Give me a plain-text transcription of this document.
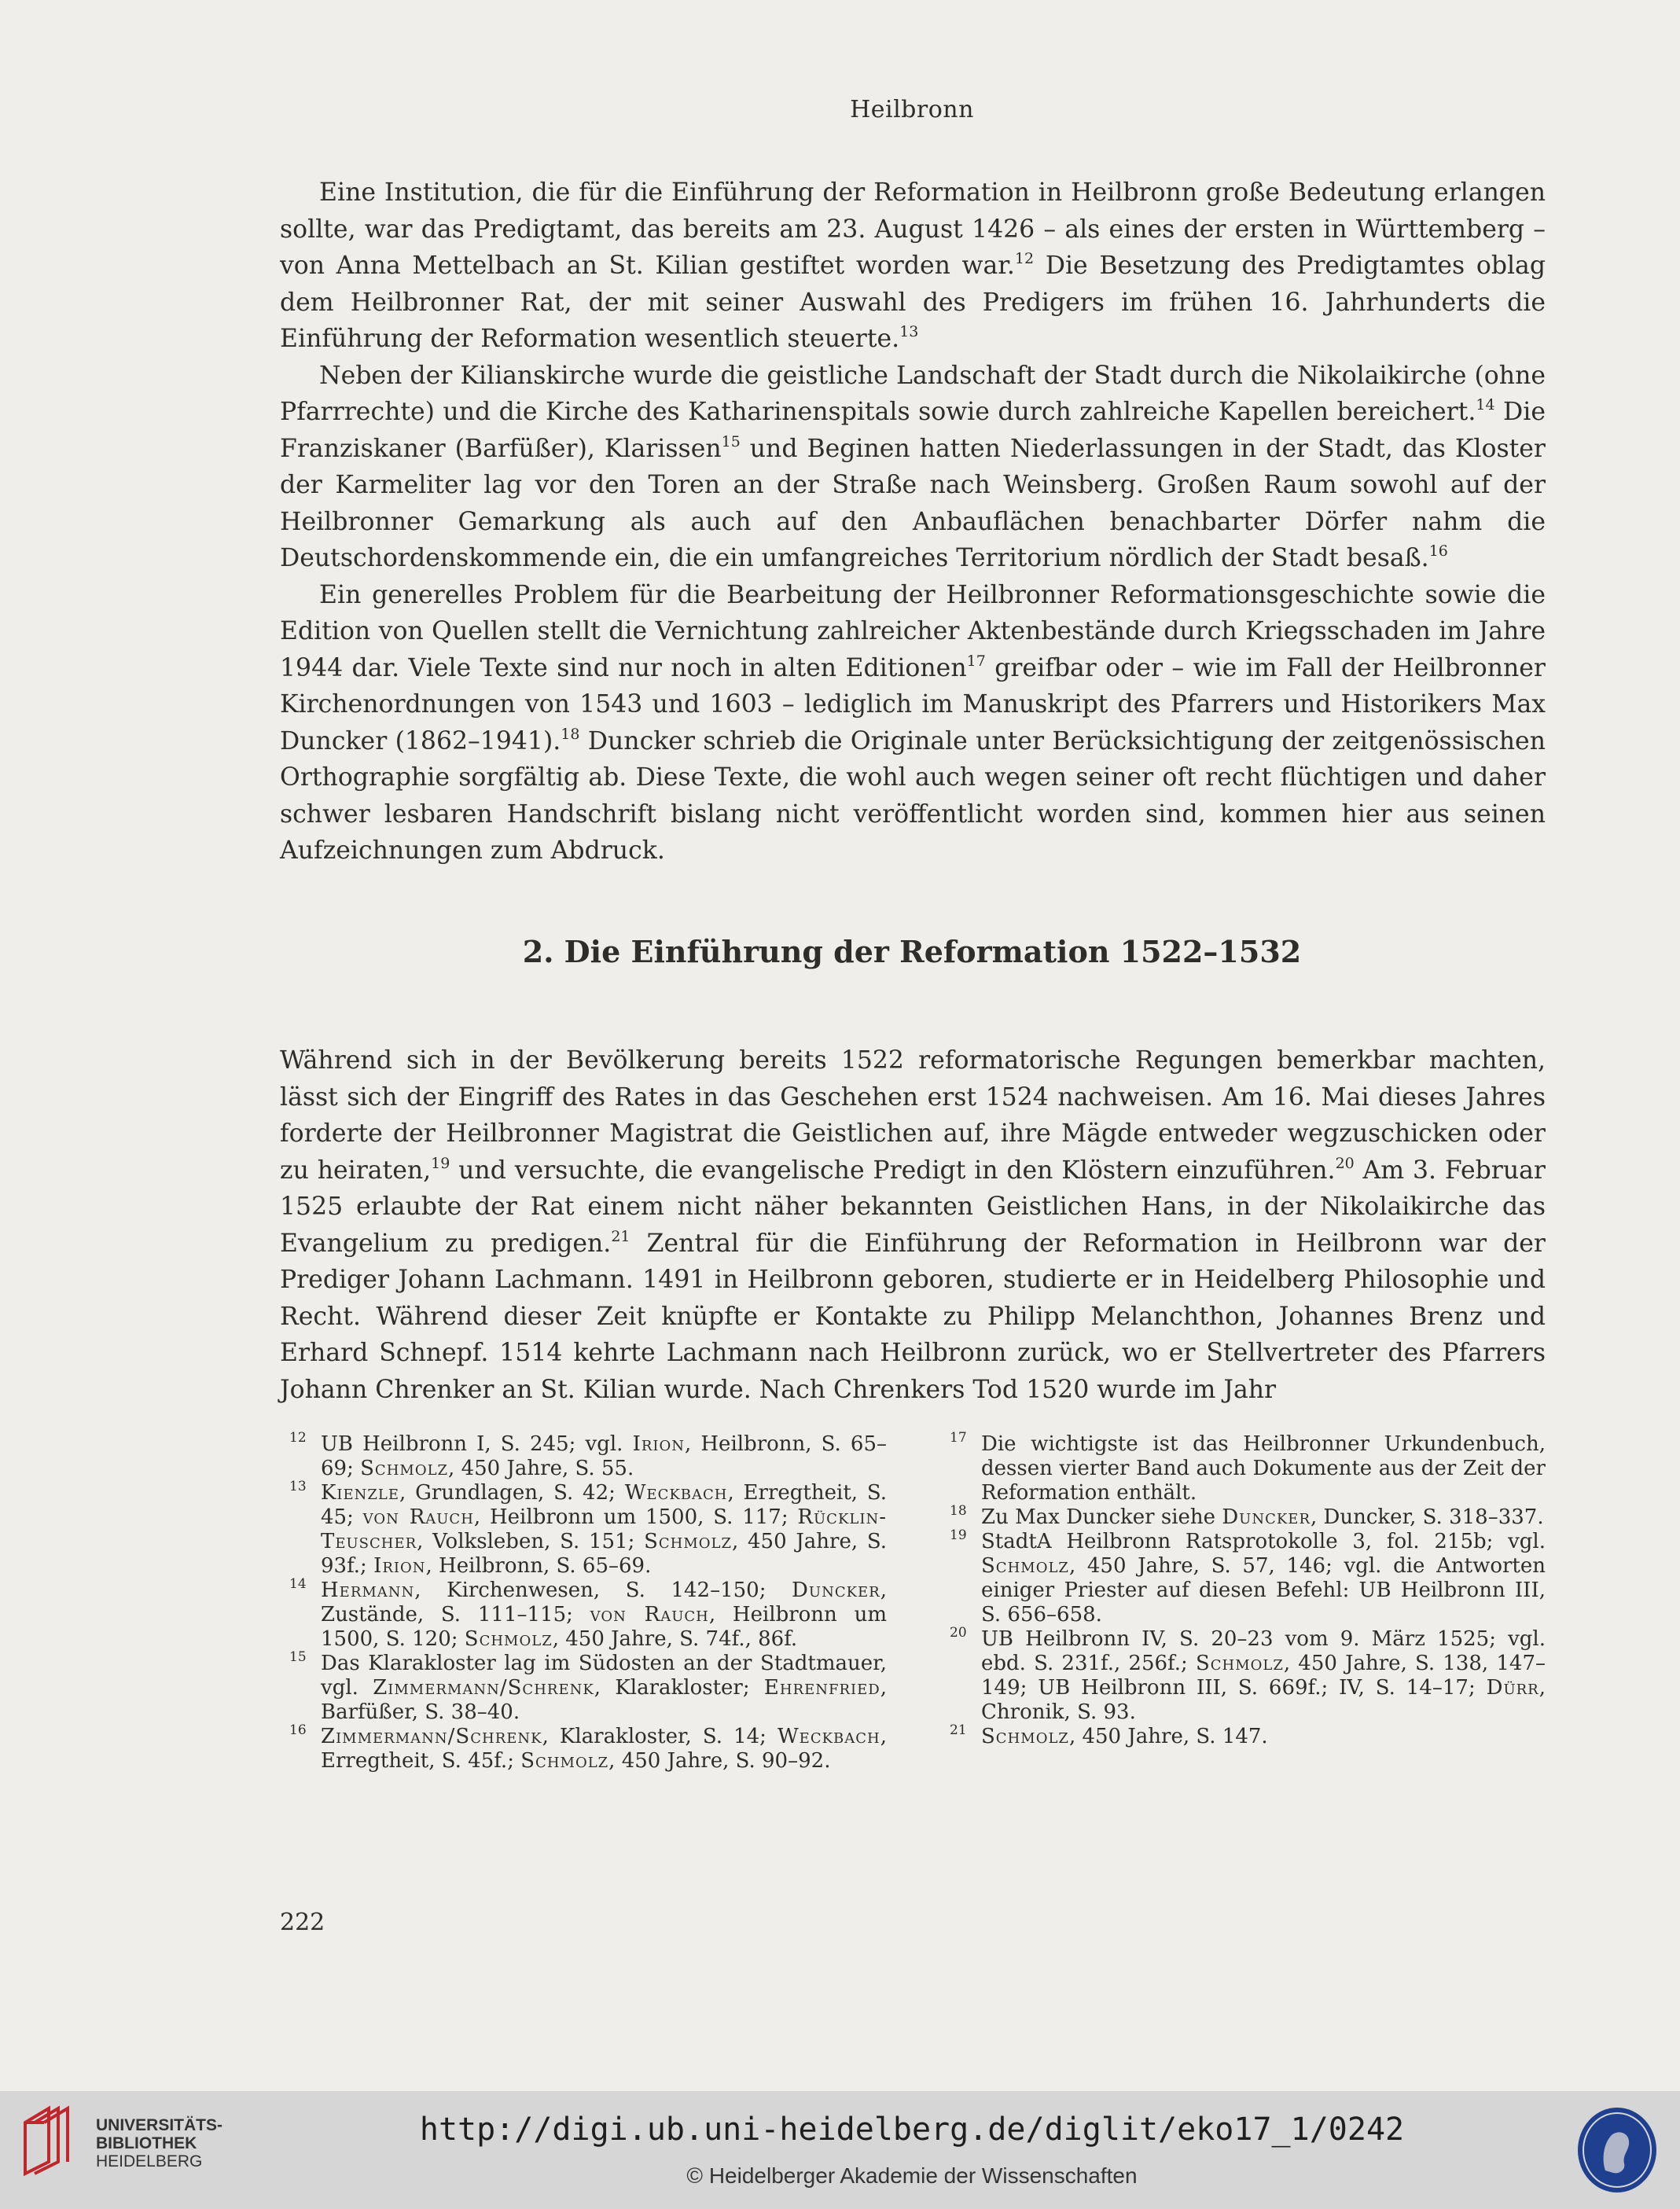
Heilbronn

Eine Institution, die für die Einführung der Reformation in Heilbronn große Bedeutung erlangen sollte, war das Predigtamt, das bereits am 23. August 1426 – als eines der ersten in Württemberg – von Anna Mettelbach an St. Kilian gestiftet worden war.$^{12}$ Die Besetzung des Predigtamtes oblag dem Heilbronner Rat, der mit seiner Auswahl des Predigers im frühen 16. Jahrhunderts die Einführung der Reformation wesentlich steuerte.$^{13}$

Neben der Kilianskirche wurde die geistliche Landschaft der Stadt durch die Nikolaikirche (ohne Pfarrrechte) und die Kirche des Katharinenspitals sowie durch zahlreiche Kapellen bereichert.$^{14}$ Die Franziskaner (Barfüßer), Klarissen$^{15}$ und Beginen hatten Niederlassungen in der Stadt, das Kloster der Karmeliter lag vor den Toren an der Straße nach Weinsberg. Großen Raum sowohl auf der Heilbronner Gemarkung als auch auf den Anbauflächen benachbarter Dörfer nahm die Deutschordenskommende ein, die ein umfangreiches Territorium nördlich der Stadt besaß.$^{16}$

Ein generelles Problem für die Bearbeitung der Heilbronner Reformationsgeschichte sowie die Edition von Quellen stellt die Vernichtung zahlreicher Aktenbestände durch Kriegsschaden im Jahre 1944 dar. Viele Texte sind nur noch in alten Editionen$^{17}$ greifbar oder – wie im Fall der Heilbronner Kirchenordnungen von 1543 und 1603 – lediglich im Manuskript des Pfarrers und Historikers Max Duncker (1862–1941).$^{18}$ Duncker schrieb die Originale unter Berücksichtigung der zeitgenössischen Orthographie sorgfältig ab. Diese Texte, die wohl auch wegen seiner oft recht flüchtigen und daher schwer lesbaren Handschrift bislang nicht veröffentlicht worden sind, kommen hier aus seinen Aufzeichnungen zum Abdruck.

2. Die Einführung der Reformation 1522–1532

Während sich in der Bevölkerung bereits 1522 reformatorische Regungen bemerkbar machten, lässt sich der Eingriff des Rates in das Geschehen erst 1524 nachweisen. Am 16. Mai dieses Jahres forderte der Heilbronner Magistrat die Geistlichen auf, ihre Mägde entweder wegzuschicken oder zu heiraten,$^{19}$ und versuchte, die evangelische Predigt in den Klöstern einzuführen.$^{20}$ Am 3. Februar 1525 erlaubte der Rat einem nicht näher bekannten Geistlichen Hans, in der Nikolaikirche das Evangelium zu predigen.$^{21}$ Zentral für die Einführung der Reformation in Heilbronn war der Prediger Johann Lachmann. 1491 in Heilbronn geboren, studierte er in Heidelberg Philosophie und Recht. Während dieser Zeit knüpfte er Kontakte zu Philipp Melanchthon, Johannes Brenz und Erhard Schnepf. 1514 kehrte Lachmann nach Heilbronn zurück, wo er Stellvertreter des Pfarrers Johann Chrenker an St. Kilian wurde. Nach Chrenkers Tod 1520 wurde im Jahr

12 UB Heilbronn I, S. 245; vgl. Irion, Heilbronn, S. 65–69; Schmolz, 450 Jahre, S. 55.
13 Kienzle, Grundlagen, S. 42; Weckbach, Erregtheit, S. 45; von Rauch, Heilbronn um 1500, S. 117; Rücklin-Teuscher, Volksleben, S. 151; Schmolz, 450 Jahre, S. 93f.; Irion, Heilbronn, S. 65–69.
14 Hermann, Kirchenwesen, S. 142–150; Duncker, Zustände, S. 111–115; von Rauch, Heilbronn um 1500, S. 120; Schmolz, 450 Jahre, S. 74f., 86f.
15 Das Klarakloster lag im Südosten an der Stadtmauer, vgl. Zimmermann/Schrenk, Klarakloster; Ehrenfried, Barfüßer, S. 38–40.
16 Zimmermann/Schrenk, Klarakloster, S. 14; Weckbach, Erregtheit, S. 45f.; Schmolz, 450 Jahre, S. 90–92.
17 Die wichtigste ist das Heilbronner Urkundenbuch, dessen vierter Band auch Dokumente aus der Zeit der Reformation enthält.
18 Zu Max Duncker siehe Duncker, Duncker, S. 318–337.
19 StadtA Heilbronn Ratsprotokolle 3, fol. 215b; vgl. Schmolz, 450 Jahre, S. 57, 146; vgl. die Antworten einiger Priester auf diesen Befehl: UB Heilbronn III, S. 656–658.
20 UB Heilbronn IV, S. 20–23 vom 9. März 1525; vgl. ebd. S. 231f., 256f.; Schmolz, 450 Jahre, S. 138, 147–149; UB Heilbronn III, S. 669f.; IV, S. 14–17; Dürr, Chronik, S. 93.
21 Schmolz, 450 Jahre, S. 147.
222
UNIVERSITÄTS-
BIBLIOTHEK
HEIDELBERG
http://digi.ub.uni-heidelberg.de/diglit/eko17_1/0242
© Heidelberger Akademie der Wissenschaften
